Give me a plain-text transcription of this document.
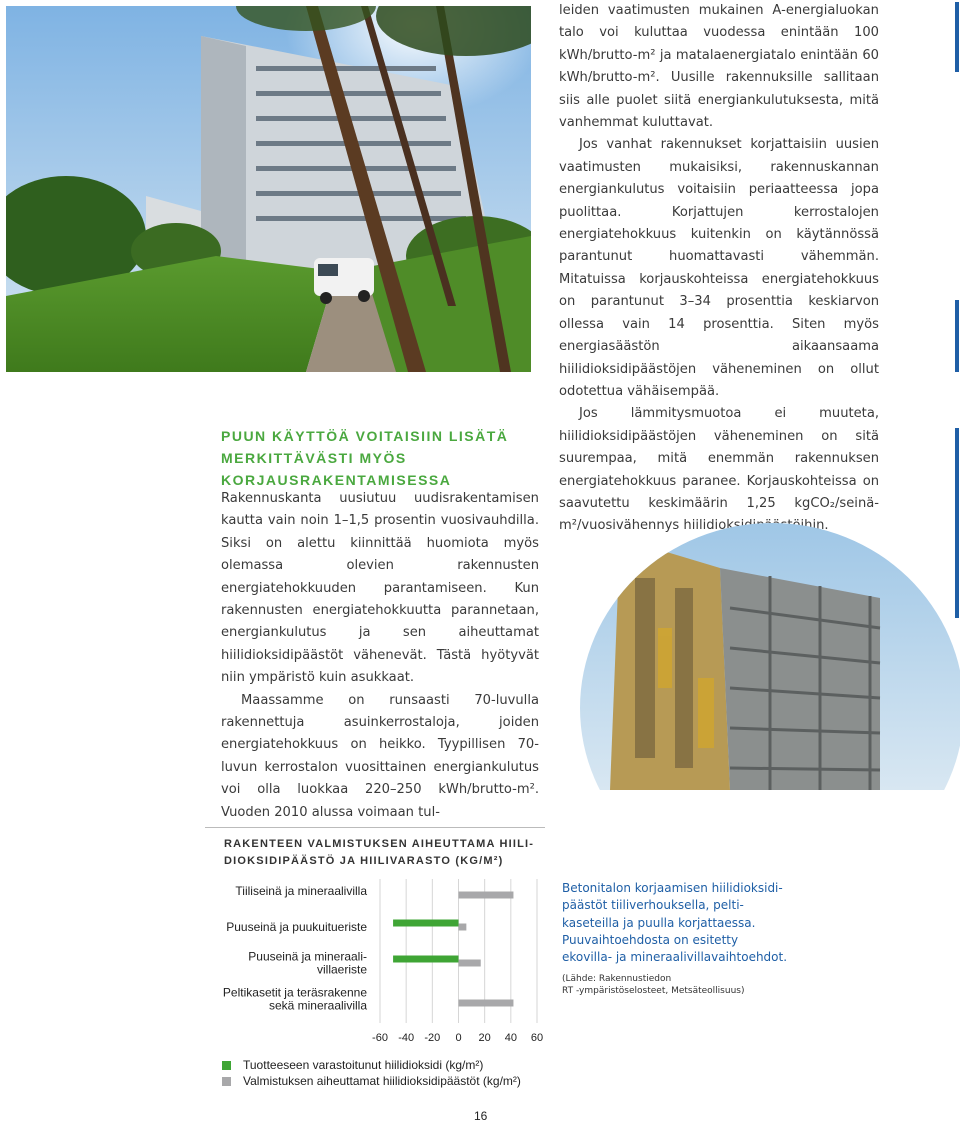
PUUN KÄYTTÖÄ VOITAISIIN LISÄTÄ
MERKITTÄVÄSTI MYÖS
KORJAUSRAKENTAMISESSA

Rakennuskanta uusiutuu uudisrakentamisen kautta vain noin 1–1,5 prosentin vuosivauhdilla. Siksi on alettu kiinnittää huomiota myös olemassa olevien rakennusten energiatehokkuuden parantamiseen. Kun rakennusten energiatehokkuutta parannetaan, energiankulutus ja sen aiheuttamat hiilidioksidipäästöt vähenevät. Tästä hyötyvät niin ympäristö kuin asukkaat.

Maassamme on runsaasti 70-luvulla rakennettuja asuinkerrostaloja, joiden energiatehokkuus on heikko. Tyypillisen 70-luvun kerrostalon vuosittainen energiankulutus voi olla luokkaa 220–250 kWh/brutto-m². Vuoden 2010 alussa voimaan tul-

leiden vaatimusten mukainen A-energialuokan talo voi kuluttaa vuodessa enintään 100 kWh/brutto-m² ja matalaenergiatalo enintään 60 kWh/brutto-m². Uusille rakennuksille sallitaan siis alle puolet siitä energiankulutuksesta, mitä vanhemmat kuluttavat.

Jos vanhat rakennukset korjattaisiin uusien vaatimusten mukaisiksi, rakennuskannan energiankulutus voitaisiin periaatteessa jopa puolittaa. Korjattujen kerrostalojen energiatehokkuus kuitenkin on käytännössä parantunut huomattavasti vähemmän. Mitatuissa korjauskohteissa energiatehokkuus on parantunut 3–34 prosenttia keskiarvon ollessa vain 14 prosenttia. Siten myös energiasäästön aikaansaama hiilidioksidipäästöjen väheneminen on ollut odotettua vähäisempää.

Jos lämmitysmuotoa ei muuteta, hiilidioksidipäästöjen väheneminen on sitä suurempaa, mitä enemmän rakennuksen energiatehokkuus paranee. Korjauskohteissa on saavutettu keskimäärin 1,25 kgCO₂/seinä-m²/vuosivähennys hiilidioksidipäästöihin.

RAKENTEEN VALMISTUKSEN AIHEUTTAMA HIILI-
DIOKSIDIPÄÄSTÖ JA HIILIVARASTO (KG/M²)
-60 -40 -20 0 20 40 60
Tiiliseinä ja mineraalivilla
Puuseinä ja puukuitueriste
Puuseinä ja mineraali-
villaeriste
Peltikasetit ja teräsrakenne
sekä mineraalivilla
Betonitalon korjaamisen hiilidioksidi-
päästöt tiiliverhouksella, pelti-
kaseteilla ja puulla korjattaessa.
Puuvaihtoehdosta on esitetty
ekovilla- ja mineraalivillavaihtoehdot.
(Lähde: Rakennustiedon
RT -ympäristöselosteet, Metsäteollisuus)
Tuotteeseen varastoitunut hiilidioksidi (kg/m²)
Valmistuksen aiheuttamat hiilidioksidipäästöt (kg/m²)
16
